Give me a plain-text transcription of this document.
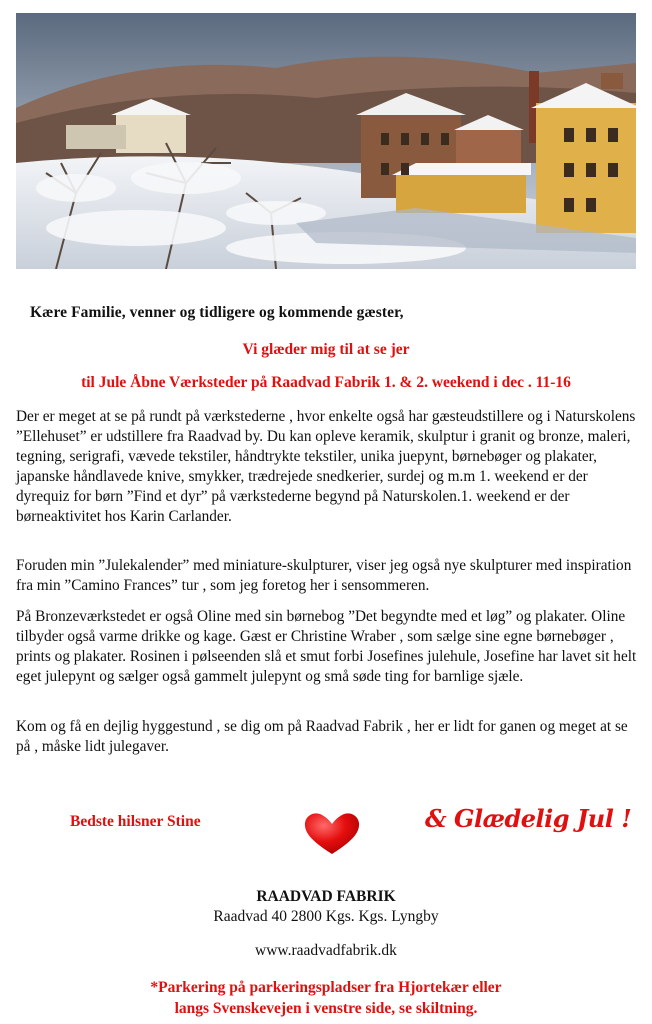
Kære Familie, venner og tidligere og kommende gæster,
Vi glæder mig til at se jer
til Jule Åbne Værksteder på Raadvad Fabrik 1. & 2. weekend i dec . 11-16

Der er meget at se på rundt på værkstederne , hvor enkelte også har gæsteudstillere og i Naturskolens ”Ellehuset” er udstillere fra Raadvad by. Du kan opleve keramik, skulptur i granit og bronze, maleri, tegning, serigrafi, vævede tekstiler, håndtrykte tekstiler, unika juepynt, børnebøger og plakater, japanske håndlavede knive, smykker, trædrejede snedkerier, surdej og m.m 1. weekend er der dyrequiz for børn ”Find et dyr” på værkstederne begynd på Naturskolen.1. weekend er der børneaktivitet hos Karin Carlander.

Foruden min ”Julekalender” med miniature-skulpturer, viser jeg også nye skulpturer med inspiration fra min ”Camino Frances” tur , som jeg foretog her i sensommeren.

På Bronzeværkstedet er også Oline med sin børnebog ”Det begyndte med et løg” og plakater. Oline tilbyder også varme drikke og kage. Gæst er Christine Wraber , som sælge sine egne børnebøger , prints og plakater. Rosinen i pølseenden slå et smut forbi Josefines julehule, Josefine har lavet sit helt eget julepynt og sælger også gammelt julepynt og små søde ting for barnlige sjæle.

Kom og få en dejlig hyggestund , se dig om på Raadvad Fabrik , her er lidt for ganen og meget at se på , måske lidt julegaver.

Bedste hilsner Stine	& Glædelig Jul !
RAADVAD FABRIK
Raadvad 40 2800 Kgs. Kgs. Lyngby
www.raadvadfabrik.dk
*Parkering på parkeringspladser fra Hjortekær eller
langs Svenskevejen i venstre side, se skiltning.
